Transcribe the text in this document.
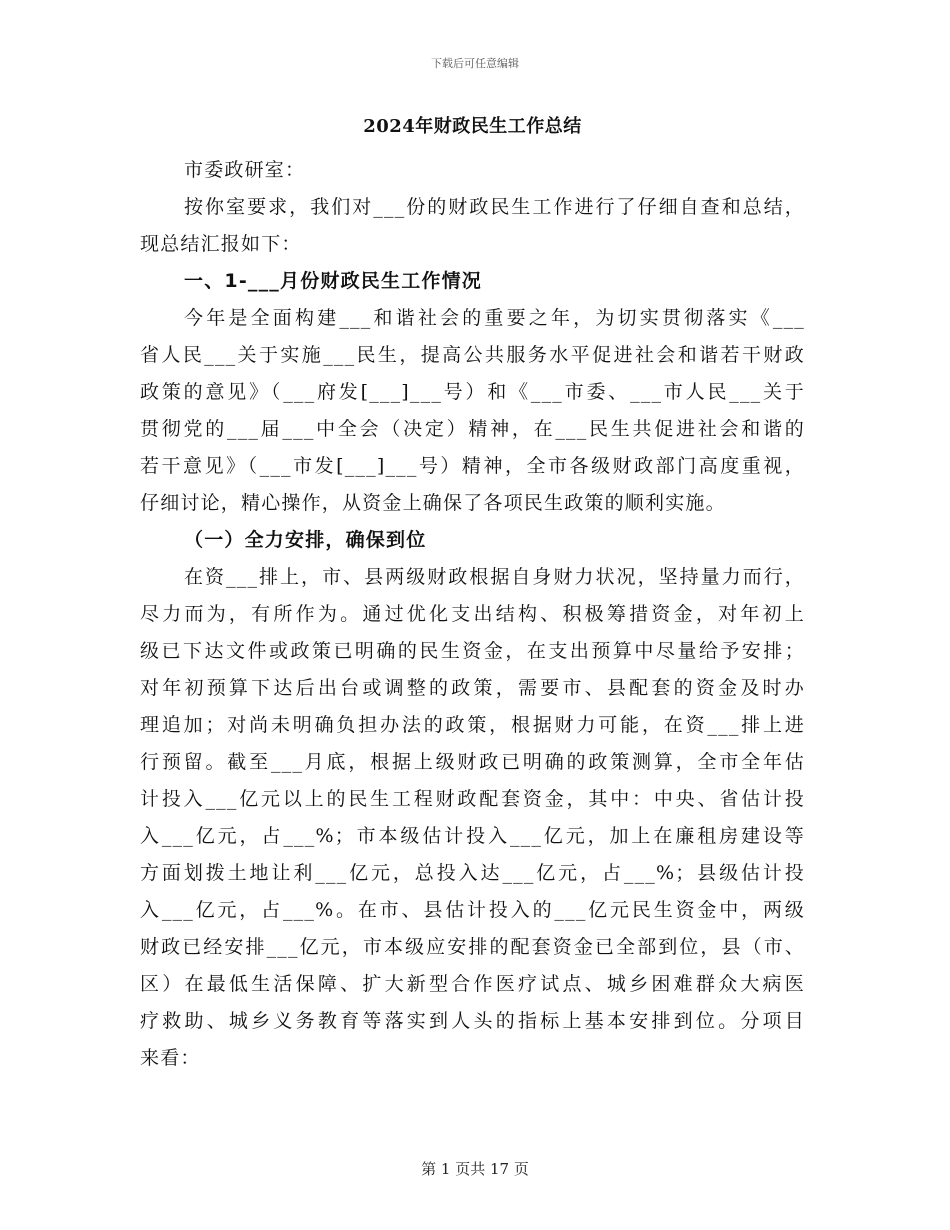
下载后可任意编辑
2024年财政民生工作总结

市委政研室：

按你室要求，我们对___份的财政民生工作进行了仔细自查和总结，

现总结汇报如下：

一、1-___月份财政民生工作情况

今年是全面构建___和谐社会的重要之年，为切实贯彻落实《___

省人民___关于实施___民生，提高公共服务水平促进社会和谐若干财政

政策的意见》（___府发[___]___号）和《___市委、___市人民___关于

贯彻党的___届___中全会（决定）精神，在___民生共促进社会和谐的

若干意见》（___市发[___]___号）精神，全市各级财政部门高度重视，

仔细讨论，精心操作，从资金上确保了各项民生政策的顺利实施。

（一）全力安排，确保到位

在资___排上，市、县两级财政根据自身财力状况，坚持量力而行，

尽力而为，有所作为。通过优化支出结构、积极筹措资金，对年初上

级已下达文件或政策已明确的民生资金，在支出预算中尽量给予安排；

对年初预算下达后出台或调整的政策，需要市、县配套的资金及时办

理追加；对尚未明确负担办法的政策，根据财力可能，在资___排上进

行预留。截至___月底，根据上级财政已明确的政策测算，全市全年估

计投入___亿元以上的民生工程财政配套资金，其中：中央、省估计投

入___亿元，占___%；市本级估计投入___亿元，加上在廉租房建设等

方面划拨土地让利___亿元，总投入达___亿元，占___%；县级估计投

入___亿元，占___%。在市、县估计投入的___亿元民生资金中，两级

财政已经安排___亿元，市本级应安排的配套资金已全部到位，县（市、

区）在最低生活保障、扩大新型合作医疗试点、城乡困难群众大病医

疗救助、城乡义务教育等落实到人头的指标上基本安排到位。分项目

来看：

第 1 页共 17 页
